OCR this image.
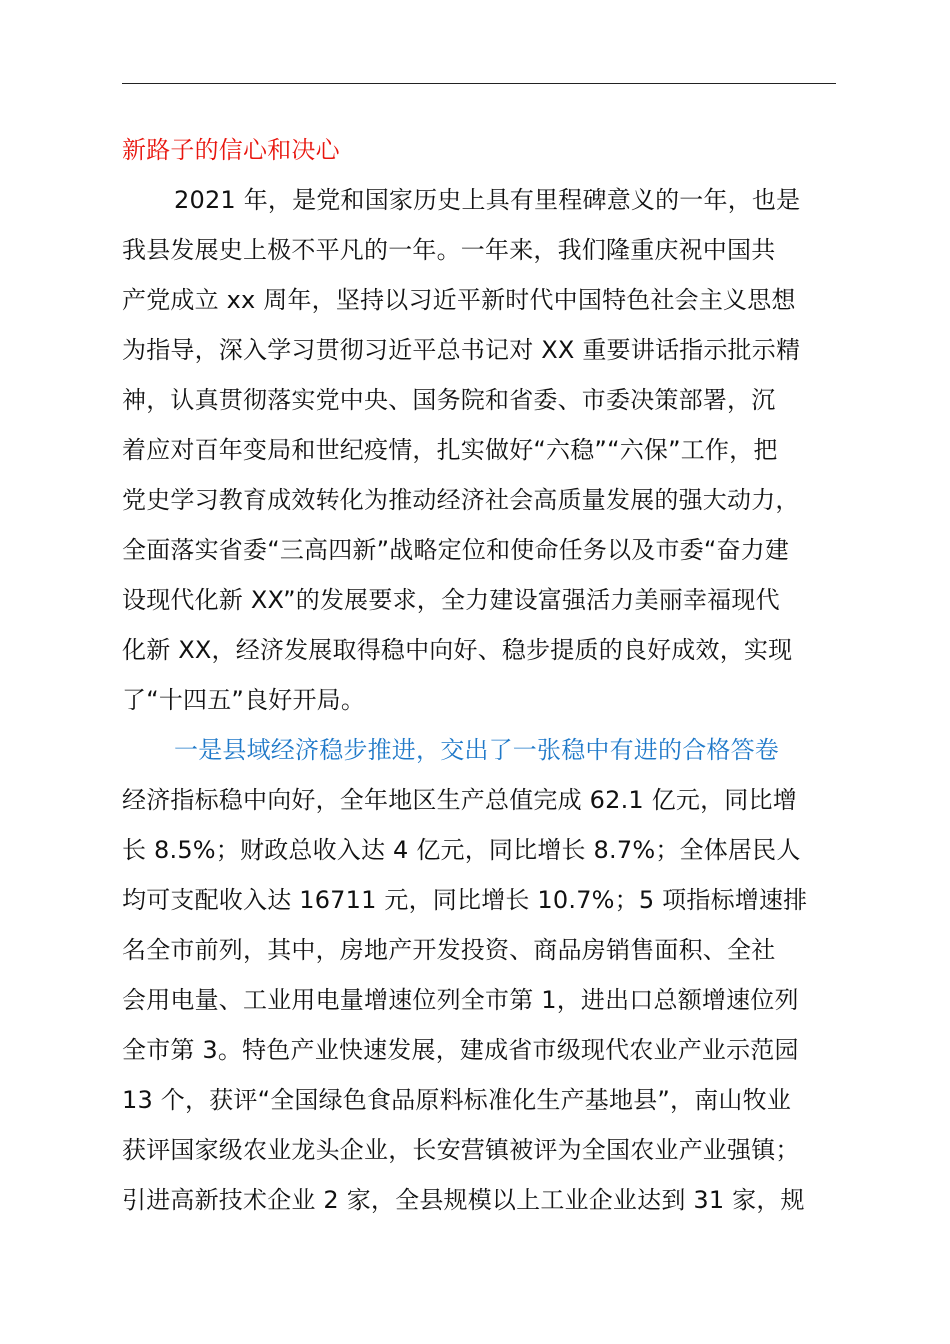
新路子的信心和决心
2021 年，是党和国家历史上具有里程碑意义的一年，也是
我县发展史上极不平凡的一年。一年来，我们隆重庆祝中国共
产党成立 xx 周年，坚持以习近平新时代中国特色社会主义思想
为指导，深入学习贯彻习近平总书记对 XX 重要讲话指示批示精
神，认真贯彻落实党中央、国务院和省委、市委决策部署，沉
着应对百年变局和世纪疫情，扎实做好“六稳”“六保”工作，把
党史学习教育成效转化为推动经济社会高质量发展的强大动力，
全面落实省委“三高四新”战略定位和使命任务以及市委“奋力建
设现代化新 XX”的发展要求，全力建设富强活力美丽幸福现代
化新 XX，经济发展取得稳中向好、稳步提质的良好成效，实现
了“十四五”良好开局。
一是县域经济稳步推进，交出了一张稳中有进的合格答卷
经济指标稳中向好，全年地区生产总值完成 62.1 亿元，同比增
长 8.5%；财政总收入达 4 亿元，同比增长 8.7%；全体居民人
均可支配收入达 16711 元，同比增长 10.7%；5 项指标增速排
名全市前列，其中，房地产开发投资、商品房销售面积、全社
会用电量、工业用电量增速位列全市第 1，进出口总额增速位列
全市第 3。特色产业快速发展，建成省市级现代农业产业示范园
13 个，获评“全国绿色食品原料标准化生产基地县”，南山牧业
获评国家级农业龙头企业，长安营镇被评为全国农业产业强镇；
引进高新技术企业 2 家，全县规模以上工业企业达到 31 家，规
